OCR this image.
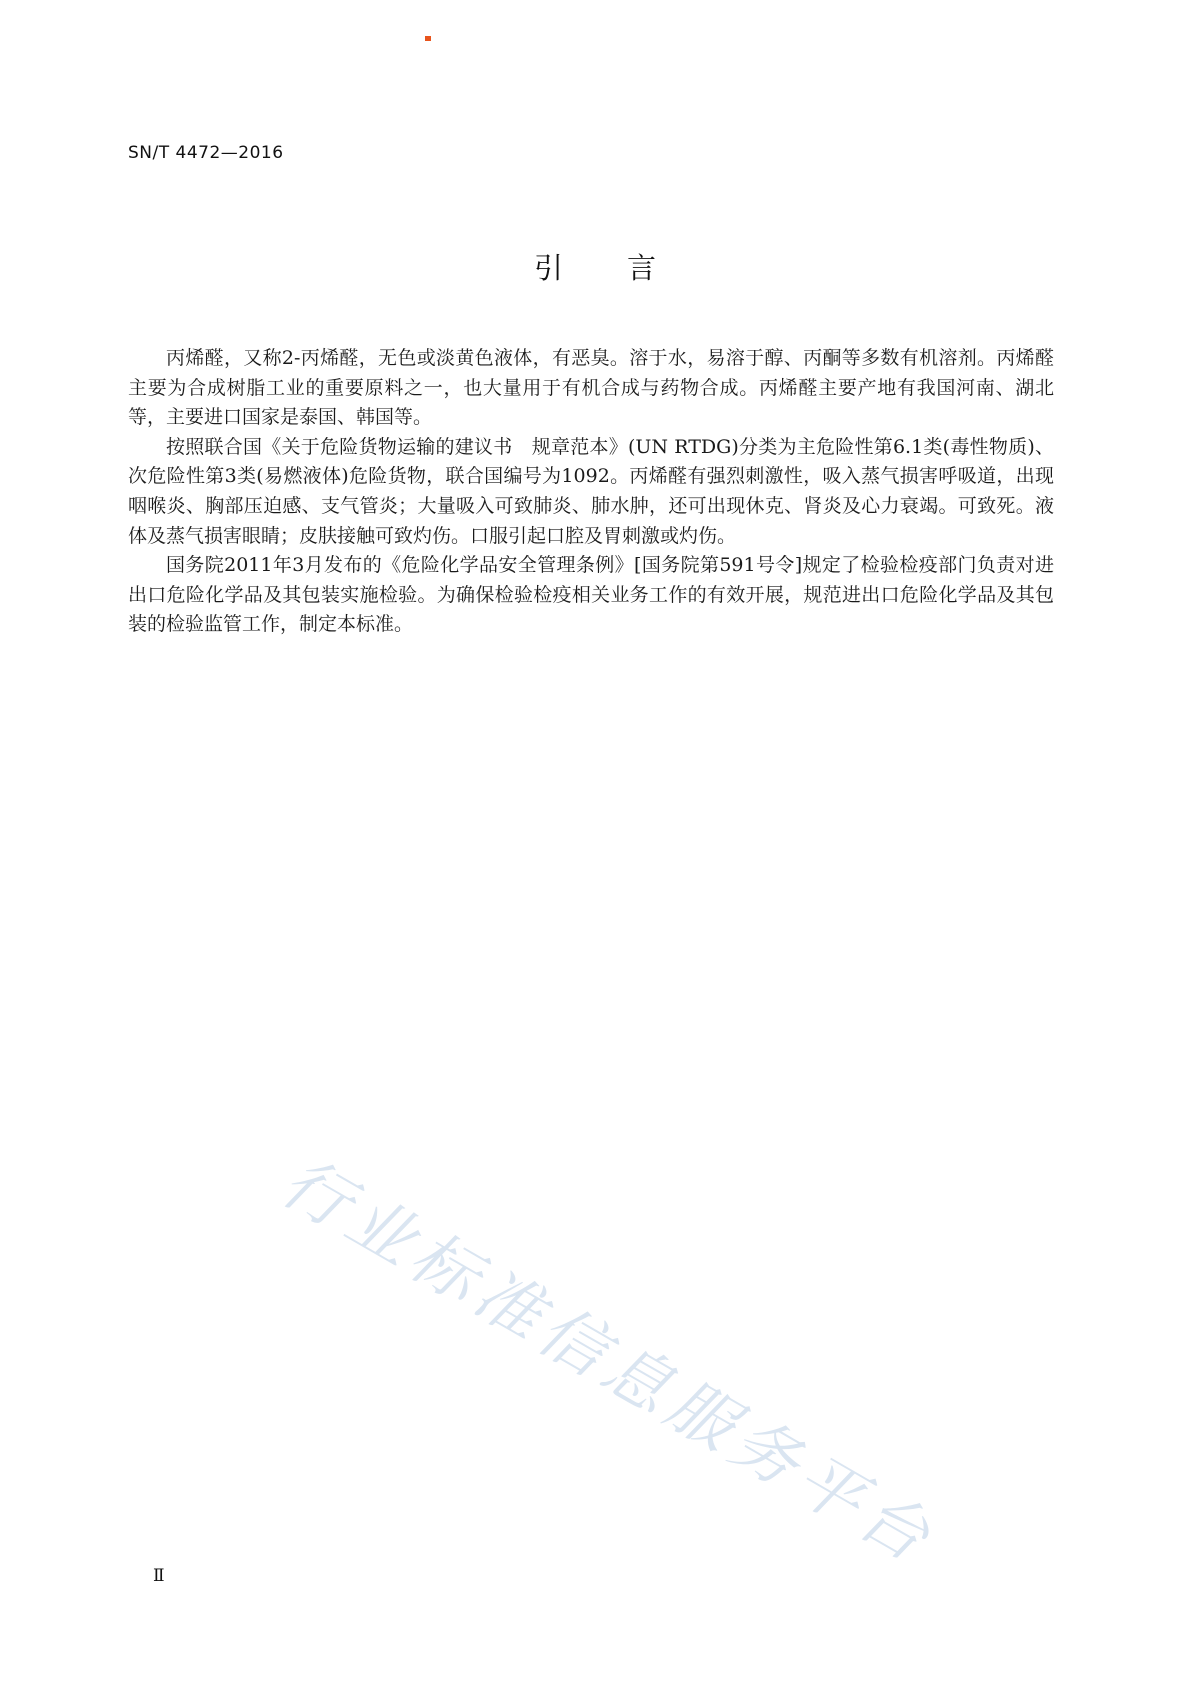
SN/T 4472—2016
引言

丙烯醛，又称2-丙烯醛，无色或淡黄色液体，有恶臭。溶于水，易溶于醇、丙酮等多数有机溶剂。丙烯醛主要为合成树脂工业的重要原料之一，也大量用于有机合成与药物合成。丙烯醛主要产地有我国河南、湖北等，主要进口国家是泰国、韩国等。

按照联合国《关于危险货物运输的建议书　规章范本》(UN RTDG)分类为主危险性第6.1类(毒性物质)、次危险性第3类(易燃液体)危险货物，联合国编号为1092。丙烯醛有强烈刺激性，吸入蒸气损害呼吸道，出现咽喉炎、胸部压迫感、支气管炎；大量吸入可致肺炎、肺水肿，还可出现休克、肾炎及心力衰竭。可致死。液体及蒸气损害眼睛；皮肤接触可致灼伤。口服引起口腔及胃刺激或灼伤。

国务院2011年3月发布的《危险化学品安全管理条例》[国务院第591号令]规定了检验检疫部门负责对进出口危险化学品及其包装实施检验。为确保检验检疫相关业务工作的有效开展，规范进出口危险化学品及其包装的检验监管工作，制定本标准。

行业标准信息服务平台
Ⅱ
